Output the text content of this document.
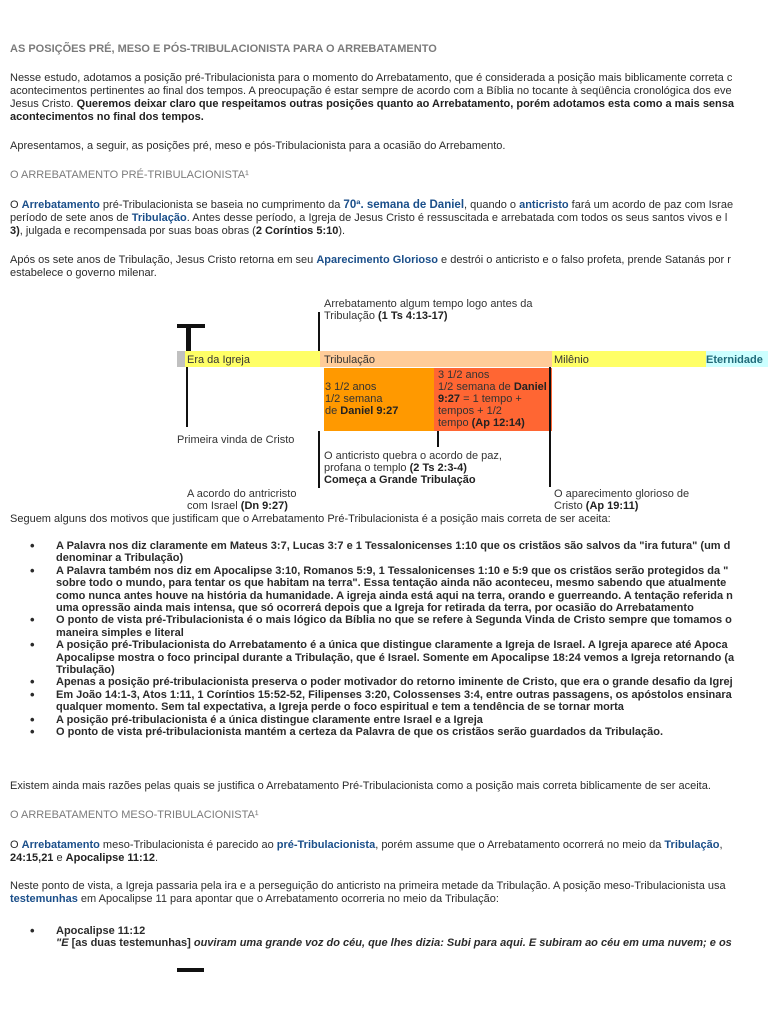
AS POSIÇÕES PRÉ, MESO E PÓS-TRIBULACIONISTA PARA O ARREBATAMENTO
Nesse estudo, adotamos a posição pré-Tribulacionista para o momento do Arrebatamento, que é considerada a posição mais biblicamente correta c
acontecimentos pertinentes ao final dos tempos. A preocupação é estar sempre de acordo com a Bíblia no tocante à seqüência cronológica dos eve
Jesus Cristo. Queremos deixar claro que respeitamos outras posições quanto ao Arrebatamento, porém adotamos esta como a mais sensa
acontecimentos no final dos tempos.
Apresentamos, a seguir, as posições pré, meso e pós-Tribulacionista para a ocasião do Arrebamento.
O ARREBATAMENTO PRÉ-TRIBULACIONISTA¹
O Arrebatamento pré-Tribulacionista se baseia no cumprimento da 70ª. semana de Daniel, quando o anticristo fará um acordo de paz com Israe
período de sete anos de Tribulação. Antes desse período, a Igreja de Jesus Cristo é ressuscitada e arrebatada com todos os seus santos vivos e l
3), julgada e recompensada por suas boas obras (2 Coríntios 5:10).
Após os sete anos de Tribulação, Jesus Cristo retorna em seu Aparecimento Glorioso e destrói o anticristo e o falso profeta, prende Satanás por r
estabelece o governo milenar.
Arrebatamento algum tempo logo antes da
Tribulação (1 Ts 4:13-17)
Era da Igreja	Tribulação	Milênio	Eternidade
3 1/2 anos
1/2 semana
de Daniel 9:27
3 1/2 anos
1/2 semana de Daniel
9:27 = 1 tempo +
tempos + 1/2
tempo (Ap 12:14)
Primeira vinda de Cristo
O anticristo quebra o acordo de paz,
profana o templo (2 Ts 2:3-4)
Começa a Grande Tribulação
A acordo do antricristo
com Israel (Dn 9:27)
O aparecimento glorioso de
Cristo (Ap 19:11)
Seguem alguns dos motivos que justificam que o Arrebatamento Pré-Tribulacionista é a posição mais correta de ser aceita:
• A Palavra nos diz claramente em Mateus 3:7, Lucas 3:7 e 1 Tessalonicenses 1:10 que os cristãos são salvos da "ira futura" (um d
denominar a Tribulação)
• A Palavra também nos diz em Apocalipse 3:10, Romanos 5:9, 1 Tessalonicenses 1:10 e 5:9 que os cristãos serão protegidos da "
sobre todo o mundo, para tentar os que habitam na terra". Essa tentação ainda não aconteceu, mesmo sabendo que atualmente
como nunca antes houve na história da humanidade. A igreja ainda está aqui na terra, orando e guerreando. A tentação referida n
uma opressão ainda mais intensa, que só ocorrerá depois que a Igreja for retirada da terra, por ocasião do Arrebatamento
• O ponto de vista pré-Tribulacionista é o mais lógico da Bíblia no que se refere à Segunda Vinda de Cristo sempre que tomamos o
maneira simples e literal
• A posição pré-Tribulacionista do Arrebatamento é a única que distingue claramente a Igreja de Israel. A Igreja aparece até Apoca
Apocalipse mostra o foco principal durante a Tribulação, que é Israel. Somente em Apocalipse 18:24 vemos a Igreja retornando (a
Tribulação)
• Apenas a posição pré-tribulacionista preserva o poder motivador do retorno iminente de Cristo, que era o grande desafio da Igrej
• Em João 14:1-3, Atos 1:11, 1 Coríntios 15:52-52, Filipenses 3:20, Colossenses 3:4, entre outras passagens, os apóstolos ensinara
qualquer momento. Sem tal expectativa, a Igreja perde o foco espiritual e tem a tendência de se tornar morta
• A posição pré-tribulacionista é a única distingue claramente entre Israel e a Igreja
• O ponto de vista pré-tribulacionista mantém a certeza da Palavra de que os cristãos serão guardados da Tribulação.
Existem ainda mais razões pelas quais se justifica o Arrebatamento Pré-Tribulacionista como a posição mais correta biblicamente de ser aceita.
O ARREBATAMENTO MESO-TRIBULACIONISTA¹
O Arrebatamento meso-Tribulacionista é parecido ao pré-Tribulacionista, porém assume que o Arrebatamento ocorrerá no meio da Tribulação,
24:15,21 e Apocalipse 11:12.
Neste ponto de vista, a Igreja passaria pela ira e a perseguição do anticristo na primeira metade da Tribulação. A posição meso-Tribulacionista usa
testemunhas em Apocalipse 11 para apontar que o Arrebatamento ocorreria no meio da Tribulação:
• Apocalipse 11:12
"E [as duas testemunhas] ouviram uma grande voz do céu, que lhes dizia: Subi para aqui. E subiram ao céu em uma nuvem; e os
